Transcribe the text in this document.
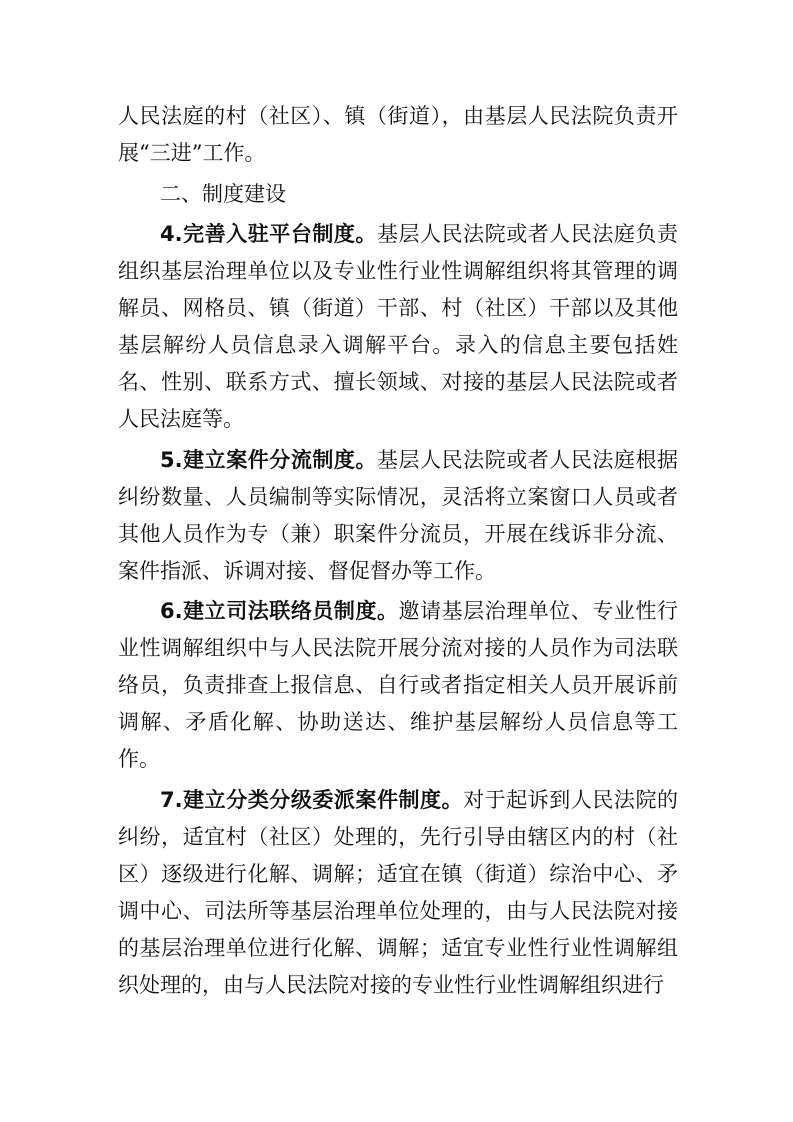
人民法庭的村（社区）、镇（街道），由基层人民法院负责开展“三进”工作。

二、制度建设

4.完善入驻平台制度。基层人民法院或者人民法庭负责组织基层治理单位以及专业性行业性调解组织将其管理的调解员、网格员、镇（街道）干部、村（社区）干部以及其他基层解纷人员信息录入调解平台。录入的信息主要包括姓名、性别、联系方式、擅长领域、对接的基层人民法院或者人民法庭等。

5.建立案件分流制度。基层人民法院或者人民法庭根据纠纷数量、人员编制等实际情况，灵活将立案窗口人员或者其他人员作为专（兼）职案件分流员，开展在线诉非分流、案件指派、诉调对接、督促督办等工作。

6.建立司法联络员制度。邀请基层治理单位、专业性行业性调解组织中与人民法院开展分流对接的人员作为司法联络员，负责排查上报信息、自行或者指定相关人员开展诉前调解、矛盾化解、协助送达、维护基层解纷人员信息等工作。

7.建立分类分级委派案件制度。对于起诉到人民法院的纠纷，适宜村（社区）处理的，先行引导由辖区内的村（社区）逐级进行化解、调解；适宜在镇（街道）综治中心、矛调中心、司法所等基层治理单位处理的，由与人民法院对接的基层治理单位进行化解、调解；适宜专业性行业性调解组织处理的，由与人民法院对接的专业性行业性调解组织进行
